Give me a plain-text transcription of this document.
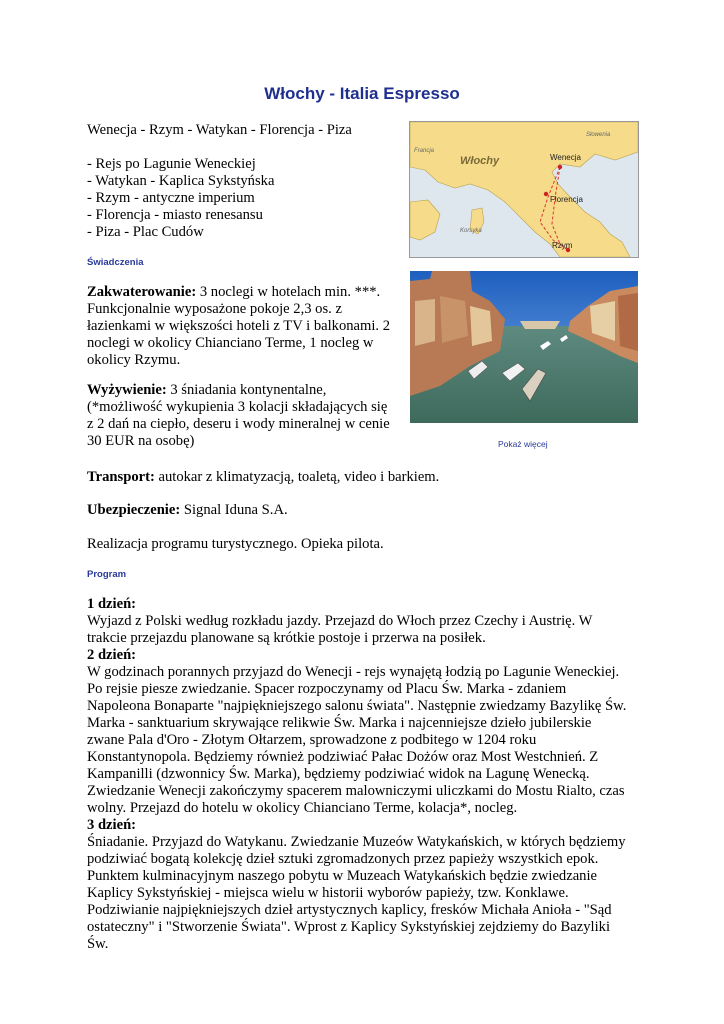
Włochy - Italia Espresso
Wenecja - Rzym - Watykan - Florencja - Piza
- Rejs po Lagunie Weneckiej
- Watykan - Kaplica Sykstyńska
- Rzym - antyczne imperium
- Florencja - miasto renesansu
- Piza - Plac Cudów
Włochy	Wenecja
Florencja
Rzym
Słowenia
Korsyka
Francja
Świadczenia
Zakwaterowanie: 3 noclegi w hotelach min. ***. Funkcjonalnie wyposażone pokoje 2,3 os. z łazienkami w większości hoteli z TV i balkonami. 2 noclegi w okolicy Chianciano Terme, 1 nocleg w okolicy Rzymu.
Wyżywienie: 3 śniadania kontynentalne, (*możliwość wykupienia 3 kolacji składających się z 2 dań na ciepło, deseru i wody mineralnej w cenie 30 EUR na osobę)	Pokaż więcej
Transport: autokar z klimatyzacją, toaletą, video i barkiem.
Ubezpieczenie: Signal Iduna S.A.
Realizacja programu turystycznego. Opieka pilota.
Program
1 dzień:

Wyjazd z Polski według rozkładu jazdy. Przejazd do Włoch przez Czechy i Austrię. W trakcie przejazdu planowane są krótkie postoje i przerwa na posiłek.

2 dzień:

W godzinach porannych przyjazd do Wenecji - rejs wynajętą łodzią po Lagunie Weneckiej. Po rejsie piesze zwiedzanie. Spacer rozpoczynamy od Placu Św. Marka - zdaniem Napoleona Bonaparte "najpiękniejszego salonu świata". Następnie zwiedzamy Bazylikę Św. Marka - sanktuarium skrywające relikwie Św. Marka i najcenniejsze dzieło jubilerskie zwane Pala d'Oro - Złotym Ołtarzem, sprowadzone z podbitego w 1204 roku Konstantynopola. Będziemy również podziwiać Pałac Dożów oraz Most Westchnień. Z Kampanilli (dzwonnicy Św. Marka), będziemy podziwiać widok na Lagunę Wenecką. Zwiedzanie Wenecji zakończymy spacerem malowniczymi uliczkami do Mostu Rialto, czas wolny. Przejazd do hotelu w okolicy Chianciano Terme, kolacja*, nocleg.

3 dzień:

Śniadanie. Przyjazd do Watykanu. Zwiedzanie Muzeów Watykańskich, w których będziemy podziwiać bogatą kolekcję dzieł sztuki zgromadzonych przez papieży wszystkich epok. Punktem kulminacyjnym naszego pobytu w Muzeach Watykańskich będzie zwiedzanie Kaplicy Sykstyńskiej - miejsca wielu w historii wyborów papieży, tzw. Konklawe. Podziwianie najpiękniejszych dzieł artystycznych kaplicy, fresków Michała Anioła - "Sąd ostateczny" i "Stworzenie Świata". Wprost z Kaplicy Sykstyńskiej zejdziemy do Bazyliki Św.
